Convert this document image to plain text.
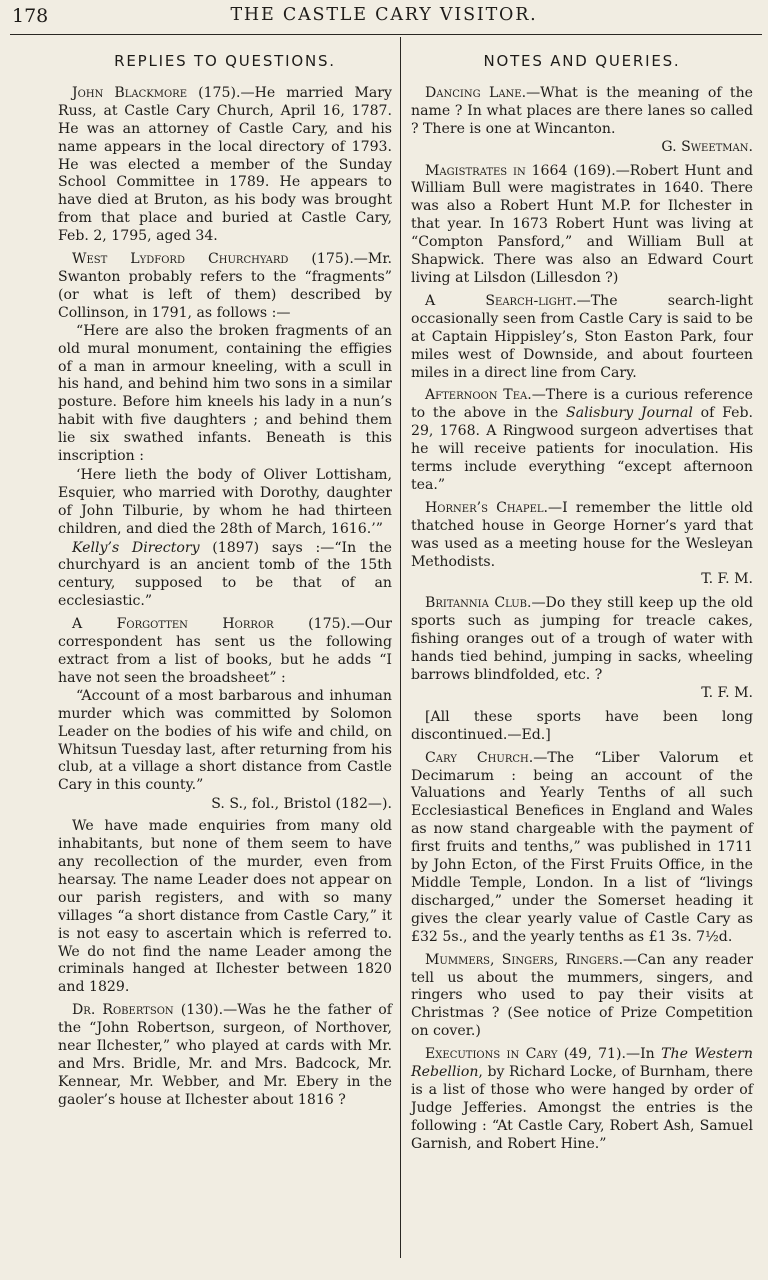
178	THE CASTLE CARY VISITOR.
REPLIES TO QUESTIONS.

John Blackmore (175).—He married Mary Russ, at Castle Cary Church, April 16, 1787. He was an attorney of Castle Cary, and his name appears in the local directory of 1793. He was elected a member of the Sunday School Committee in 1789. He appears to have died at Bruton, as his body was brought from that place and buried at Castle Cary, Feb. 2, 1795, aged 34.

West Lydford Churchyard (175).—Mr. Swanton probably refers to the “fragments” (or what is left of them) described by Collinson, in 1791, as follows :—

“Here are also the broken fragments of an old mural monument, containing the effigies of a man in armour kneeling, with a scull in his hand, and behind him two sons in a similar posture. Before him kneels his lady in a nun’s habit with five daughters ; and behind them lie six swathed infants. Beneath is this inscription :

‘Here lieth the body of Oliver Lottisham, Esquier, who married with Dorothy, daughter of John Tilburie, by whom he had thirteen children, and died the 28th of March, 1616.’”

Kelly’s Directory (1897) says :—“In the churchyard is an ancient tomb of the 15th century, supposed to be that of an ecclesiastic.”

A Forgotten Horror (175).—Our correspondent has sent us the following extract from a list of books, but he adds “I have not seen the broadsheet” :

“Account of a most barbarous and inhuman murder which was committed by Solomon Leader on the bodies of his wife and child, on Whitsun Tuesday last, after returning from his club, at a village a short distance from Castle Cary in this county.”

S. S., fol., Bristol (182—).

We have made enquiries from many old inhabitants, but none of them seem to have any recollection of the murder, even from hearsay. The name Leader does not appear on our parish registers, and with so many villages “a short distance from Castle Cary,” it is not easy to ascertain which is referred to. We do not find the name Leader among the criminals hanged at Ilchester between 1820 and 1829.

Dr. Robertson (130).—Was he the father of the “John Robertson, surgeon, of Northover, near Ilchester,” who played at cards with Mr. and Mrs. Bridle, Mr. and Mrs. Badcock, Mr. Kennear, Mr. Webber, and Mr. Ebery in the gaoler’s house at Ilchester about 1816 ?

NOTES AND QUERIES.

Dancing Lane.—What is the meaning of the name ? In what places are there lanes so called ? There is one at Wincanton.

G. Sweetman.

Magistrates in 1664 (169).—Robert Hunt and William Bull were magistrates in 1640. There was also a Robert Hunt M.P. for Ilchester in that year. In 1673 Robert Hunt was living at “Compton Pansford,” and William Bull at Shapwick. There was also an Edward Court living at Lilsdon (Lillesdon ?)

A Search-light.—The search-light occasionally seen from Castle Cary is said to be at Captain Hippisley’s, Ston Easton Park, four miles west of Downside, and about fourteen miles in a direct line from Cary.

Afternoon Tea.—There is a curious reference to the above in the Salisbury Journal of Feb. 29, 1768. A Ringwood surgeon advertises that he will receive patients for inoculation. His terms include everything “except afternoon tea.”

Horner’s Chapel.—I remember the little old thatched house in George Horner’s yard that was used as a meeting house for the Wesleyan Methodists.

T. F. M.

Britannia Club.—Do they still keep up the old sports such as jumping for treacle cakes, fishing oranges out of a trough of water with hands tied behind, jumping in sacks, wheeling barrows blindfolded, etc. ?

T. F. M.

[All these sports have been long discontinued.—Ed.]

Cary Church.—The “Liber Valorum et Decimarum : being an account of the Valuations and Yearly Tenths of all such Ecclesiastical Benefices in England and Wales as now stand chargeable with the payment of first fruits and tenths,” was published in 1711 by John Ecton, of the First Fruits Office, in the Middle Temple, London. In a list of “livings discharged,” under the Somerset heading it gives the clear yearly value of Castle Cary as £32 5s., and the yearly tenths as £1 3s. 7½d.

Mummers, Singers, Ringers.—Can any reader tell us about the mummers, singers, and ringers who used to pay their visits at Christmas ? (See notice of Prize Competition on cover.)

Executions in Cary (49, 71).—In The Western Rebellion, by Richard Locke, of Burnham, there is a list of those who were hanged by order of Judge Jefferies. Amongst the entries is the following : “At Castle Cary, Robert Ash, Samuel Garnish, and Robert Hine.”
